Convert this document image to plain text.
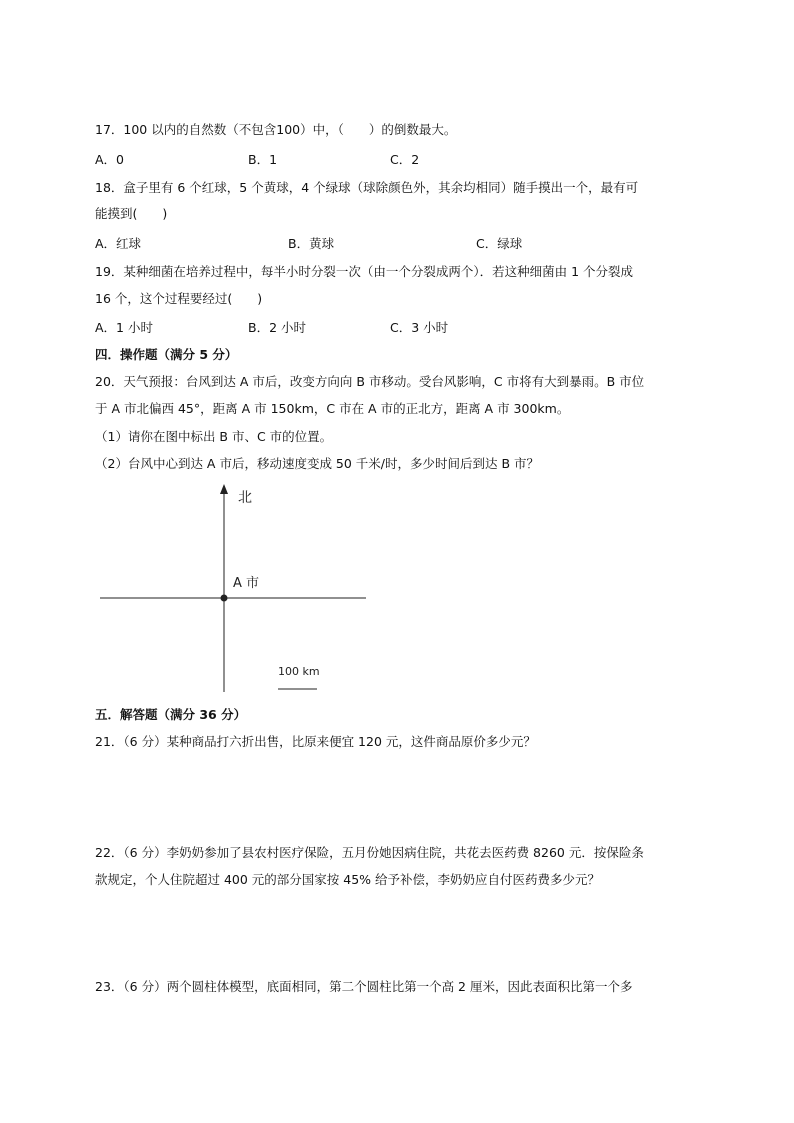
17．100 以内的自然数（不包含100）中，（　　）的倒数最大。
A．0	B．1	C．2
18．盒子里有 6 个红球，5 个黄球，4 个绿球（球除颜色外，其余均相同）随手摸出一个，最有可
能摸到(　　)
A．红球	B．黄球	C．绿球
19．某种细菌在培养过程中，每半小时分裂一次（由一个分裂成两个）．若这种细菌由 1 个分裂成
16 个，这个过程要经过(　　)
A．1 小时	B．2 小时	C．3 小时
四．操作题（满分 5 分）
20．天气预报：台风到达 A 市后，改变方向向 B 市移动。受台风影响，C 市将有大到暴雨。B 市位
于 A 市北偏西 45°，距离 A 市 150km，C 市在 A 市的正北方，距离 A 市 300km。
（1）请你在图中标出 B 市、C 市的位置。
（2）台风中心到达 A 市后，移动速度变成 50 千米/时，多少时间后到达 B 市？
北
A 市
100 km
五．解答题（满分 36 分）
21．（6 分）某种商品打六折出售，比原来便宜 120 元，这件商品原价多少元？
22．（6 分）李奶奶参加了县农村医疗保险，五月份她因病住院，共花去医药费 8260 元．按保险条
款规定，个人住院超过 400 元的部分国家按 45% 给予补偿，李奶奶应自付医药费多少元？
23．（6 分）两个圆柱体模型，底面相同，第二个圆柱比第一个高 2 厘米，因此表面积比第一个多
